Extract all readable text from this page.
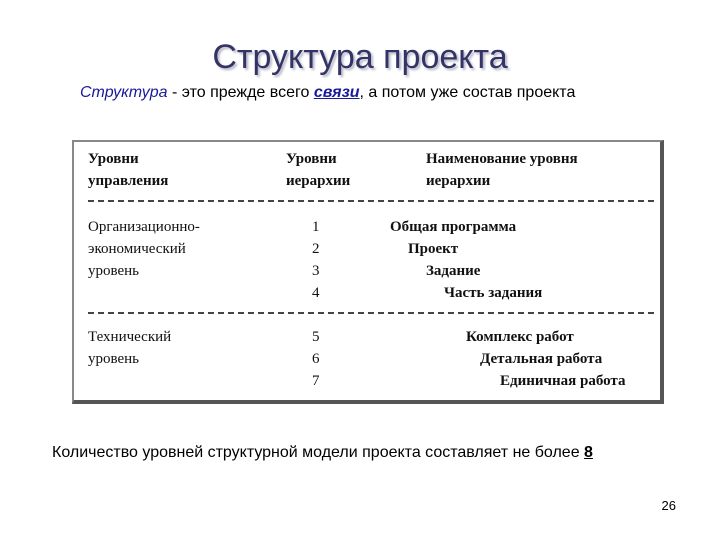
Структура проекта
Структура - это прежде всего связи, а потом уже состав проекта
Уровни
управления
Уровни
иерархии
Наименование уровня
иерархии
Организационно-
экономический
уровень
1
2
3
4
Общая программа
Проект
Задание
Часть задания
Технический
уровень
5
6
7
Комплекс работ
Детальная работа
Единичная работа
Количество уровней структурной модели проекта составляет не более 8
26
